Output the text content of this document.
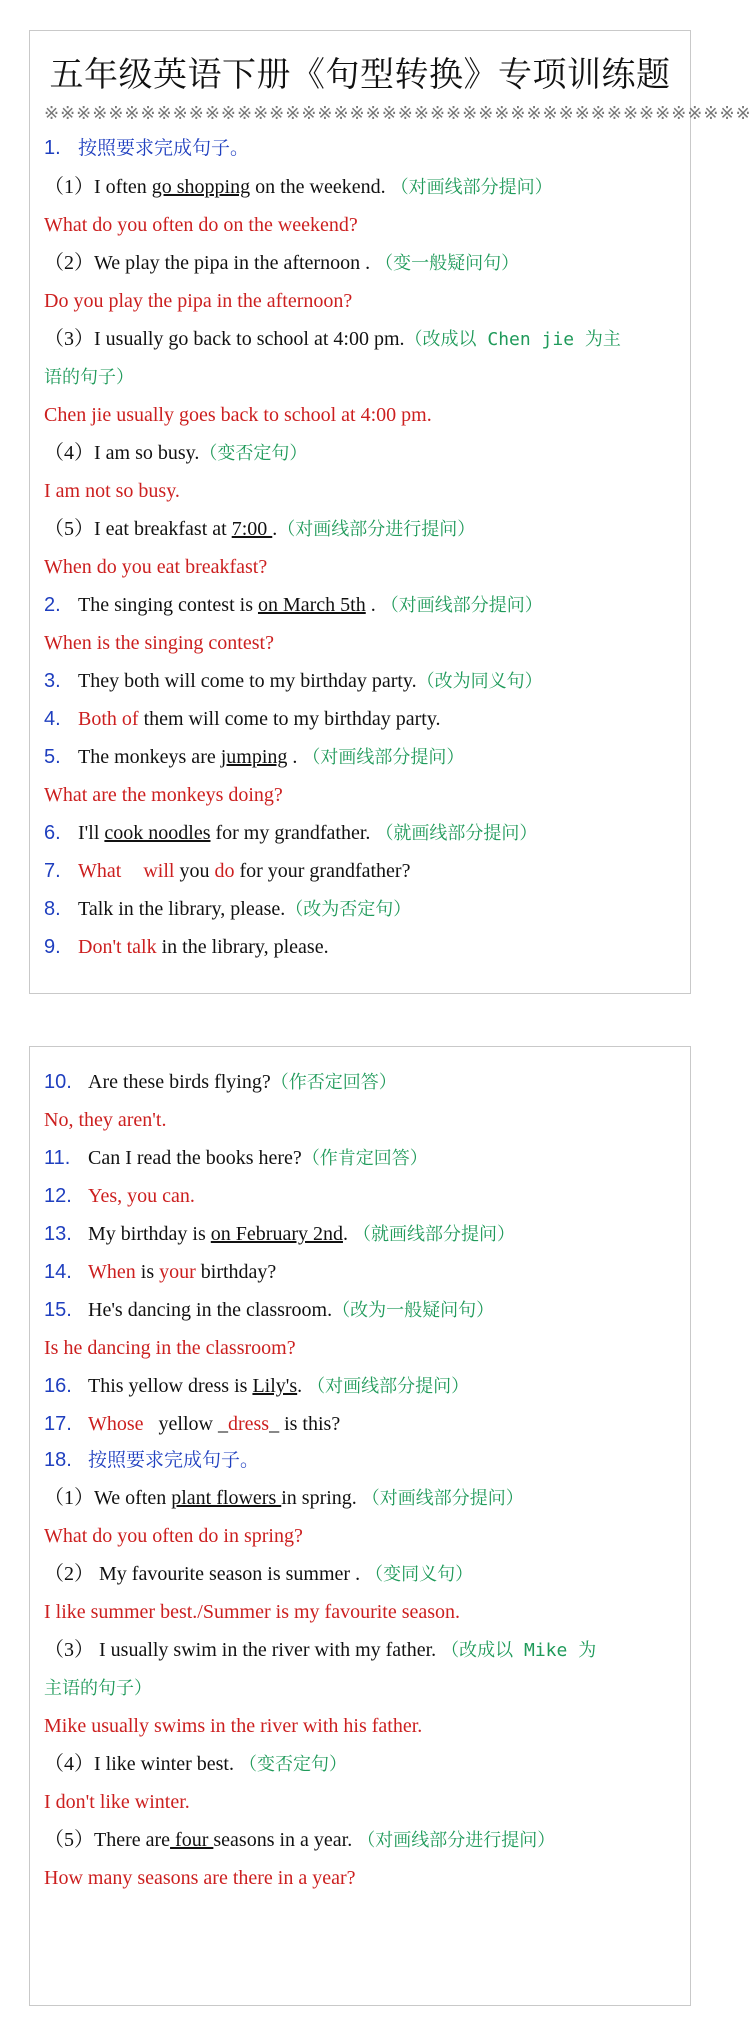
五年级英语下册《句型转换》专项训练题
※※※※※※※※※※※※※※※※※※※※※※※※※※※※※※※※※※※※※※※※※※※※
1. 按照要求完成句子。
（1）I often go shopping on the weekend. （对画线部分提问）
What do you often do on the weekend?
（2）We play the pipa in the afternoon . （变一般疑问句）
Do you play the pipa in the afternoon?
（3）I usually go back to school at 4:00 pm.（改成以 Chen jie 为主
语的句子）
Chen jie usually goes back to school at 4:00 pm.
（4）I am so busy.（变否定句）
I am not so busy.
（5）I eat breakfast at 7:00 .（对画线部分进行提问）
When do you eat breakfast?
2. The singing contest is on March 5th . （对画线部分提问）
When is the singing contest?
3. They both will come to my birthday party.（改为同义句）
4. Both of them will come to my birthday party.
5. The monkeys are jumping . （对画线部分提问）
What are the monkeys doing?
6. I'll cook noodles for my grandfather. （就画线部分提问）
7. What will you do for your grandfather?
8. Talk in the library, please.（改为否定句）
9. Don't talk in the library, please.
10. Are these birds flying?（作否定回答）
No, they aren't.
11. Can I read the books here?（作肯定回答）
12. Yes, you can.
13. My birthday is on February 2nd. （就画线部分提问）
14. When is your birthday?
15. He's dancing in the classroom.（改为一般疑问句）
Is he dancing in the classroom?
16. This yellow dress is Lily's. （对画线部分提问）
17. Whose   yellow _dress_ is this?
18. 按照要求完成句子。
（1）We often plant flowers in spring. （对画线部分提问）
What do you often do in spring?
（2） My favourite season is summer . （变同义句）
I like summer best./Summer is my favourite season.
（3） I usually swim in the river with my father. （改成以 Mike 为
主语的句子）
Mike usually swims in the river with his father.
（4）I like winter best. （变否定句）
I don't like winter.
（5）There are four seasons in a year. （对画线部分进行提问）
How many seasons are there in a year?
